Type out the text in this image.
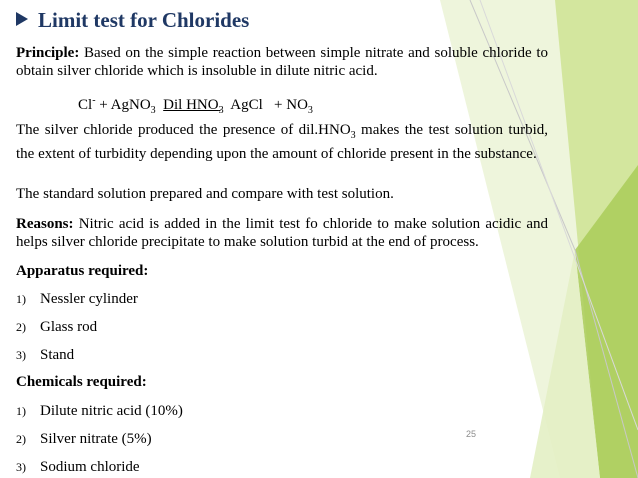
Limit test for Chlorides
Principle: Based on the simple reaction between simple nitrate and soluble chloride to obtain silver chloride which is insoluble in dilute nitric acid.
Cl- + AgNO$_3$ Dil $HNO_3$ AgCl + $NO_3$
The silver chloride produced the presence of $dil.HNO_3$ makes the test solution turbid, the extent of turbidity depending upon the amount of chloride present in the substance.
The standard solution prepared and compare with test solution.
Reasons: Nitric acid is added in the limit test fo chloride to make solution acidic and helps silver chloride precipitate to make solution turbid at the end of process.
Apparatus required:
1) Nessler cylinder
2) Glass rod
3) Stand
Chemicals required:
1) Dilute nitric acid (10%)
2) Silver nitrate (5%)
3) Sodium chloride
25
